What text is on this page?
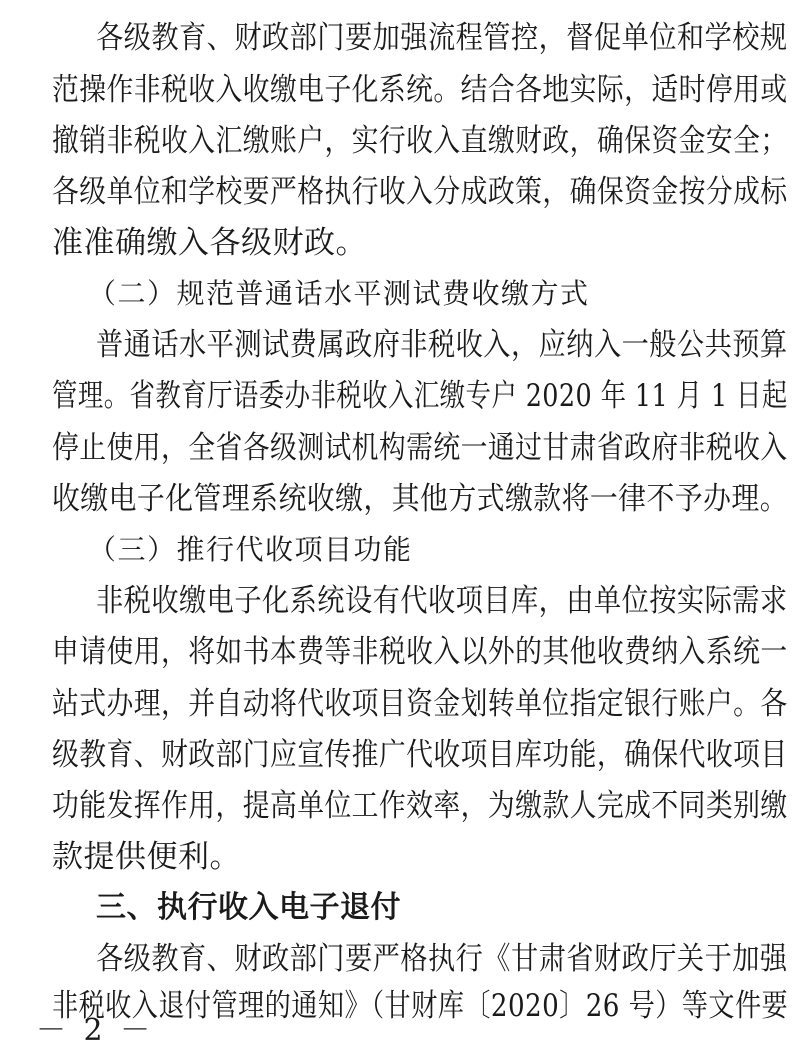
各级教育、财政部门要加强流程管控，督促单位和学校规
范操作非税收入收缴电子化系统。结合各地实际，适时停用或
撤销非税收入汇缴账户，实行收入直缴财政，确保资金安全；
各级单位和学校要严格执行收入分成政策，确保资金按分成标
准准确缴入各级财政。
（二）规范普通话水平测试费收缴方式
普通话水平测试费属政府非税收入，应纳入一般公共预算
管理。省教育厅语委办非税收入汇缴专户 2020 年 11 月 1 日起
停止使用，全省各级测试机构需统一通过甘肃省政府非税收入
收缴电子化管理系统收缴，其他方式缴款将一律不予办理。
（三）推行代收项目功能
非税收缴电子化系统设有代收项目库，由单位按实际需求
申请使用，将如书本费等非税收入以外的其他收费纳入系统一
站式办理，并自动将代收项目资金划转单位指定银行账户。各
级教育、财政部门应宣传推广代收项目库功能，确保代收项目
功能发挥作用，提高单位工作效率，为缴款人完成不同类别缴
款提供便利。
三、执行收入电子退付
各级教育、财政部门要严格执行《甘肃省财政厅关于加强
非税收入退付管理的通知》（甘财库〔2020〕26 号）等文件要
－ 2 －
